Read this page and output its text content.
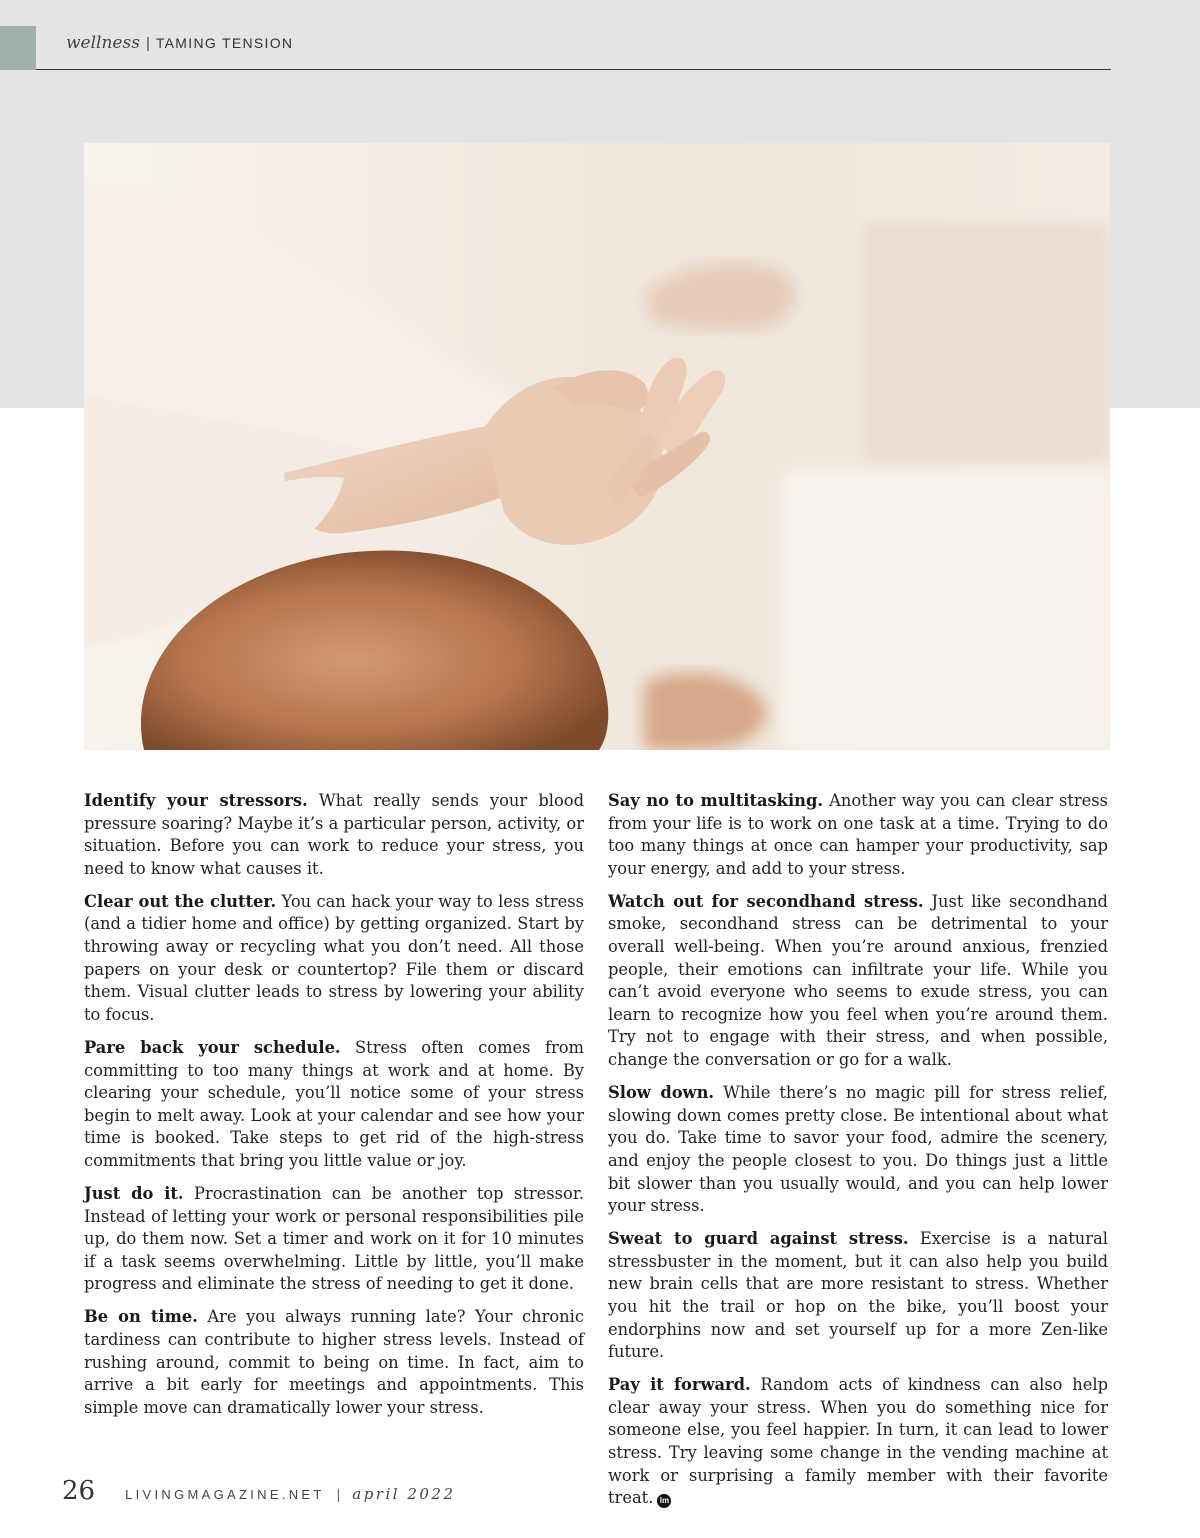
wellness | TAMING TENSION

Identify your stressors. What really sends your blood pressure soaring? Maybe it’s a particular person, activity, or situation. Before you can work to reduce your stress, you need to know what causes it.

Clear out the clutter. You can hack your way to less stress (and a tidier home and office) by getting organized. Start by throwing away or recycling what you don’t need. All those papers on your desk or countertop? File them or discard them. Visual clutter leads to stress by lowering your ability to focus.

Pare back your schedule. Stress often comes from committing to too many things at work and at home. By clearing your schedule, you’ll notice some of your stress begin to melt away. Look at your calendar and see how your time is booked. Take steps to get rid of the high-stress commitments that bring you little value or joy.

Just do it. Procrastination can be another top stressor. Instead of letting your work or personal responsibilities pile up, do them now. Set a timer and work on it for 10 minutes if a task seems overwhelming. Little by little, you’ll make progress and eliminate the stress of needing to get it done.

Be on time. Are you always running late? Your chronic tardiness can contribute to higher stress levels. Instead of rushing around, commit to being on time. In fact, aim to arrive a bit early for meetings and appointments. This simple move can dramatically lower your stress.

Say no to multitasking. Another way you can clear stress from your life is to work on one task at a time. Trying to do too many things at once can hamper your productivity, sap your energy, and add to your stress.

Watch out for secondhand stress. Just like secondhand smoke, secondhand stress can be detrimental to your overall well-being. When you’re around anxious, frenzied people, their emotions can infiltrate your life. While you can’t avoid everyone who seems to exude stress, you can learn to recognize how you feel when you’re around them. Try not to engage with their stress, and when possible, change the conversation or go for a walk.

Slow down. While there’s no magic pill for stress relief, slowing down comes pretty close. Be intentional about what you do. Take time to savor your food, admire the scenery, and enjoy the people closest to you. Do things just a little bit slower than you usually would, and you can help lower your stress.

Sweat to guard against stress. Exercise is a natural stressbuster in the moment, but it can also help you build new brain cells that are more resistant to stress. Whether you hit the trail or hop on the bike, you’ll boost your endorphins now and set yourself up for a more Zen-like future.

Pay it forward. Random acts of kindness can also help clear away your stress. When you do something nice for someone else, you feel happier. In turn, it can lead to lower stress. Try leaving some change in the vending machine at work or surprising a family member with their favorite treat. lm

26 LIVINGMAGAZINE.NET | april 2022
